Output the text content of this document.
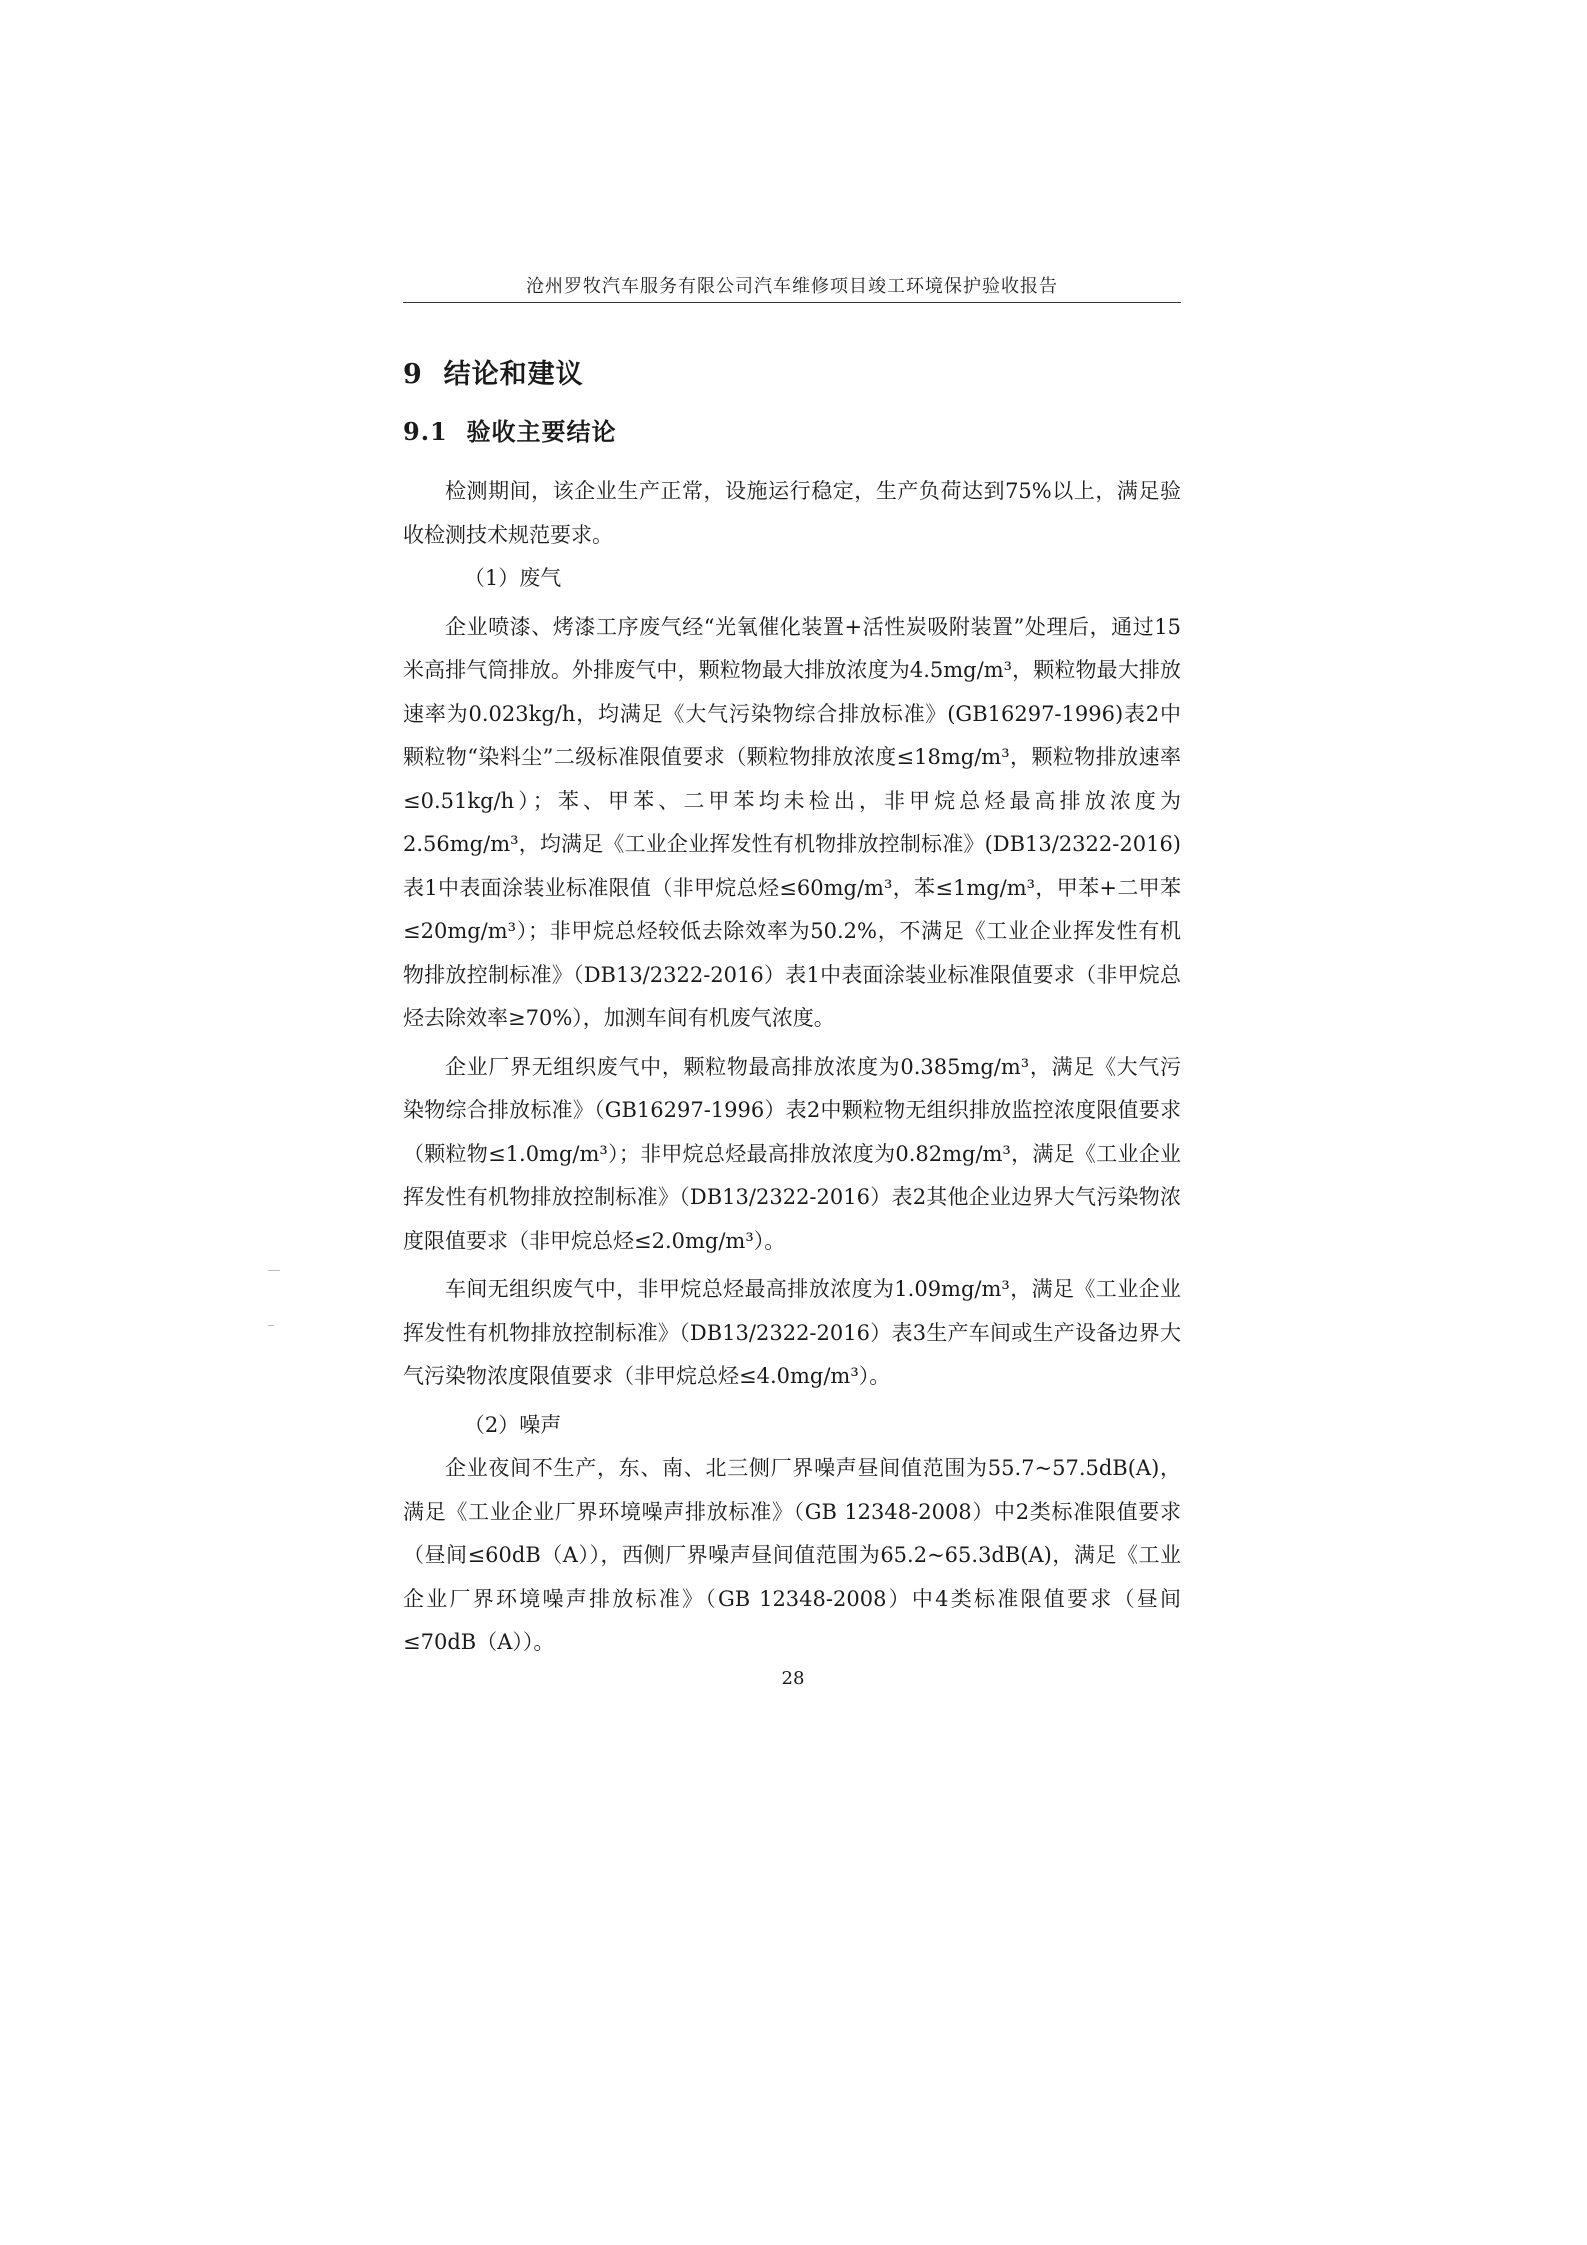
沧州罗牧汽车服务有限公司汽车维修项目竣工环境保护验收报告
9 结论和建议
9.1 验收主要结论

检测期间，该企业生产正常，设施运行稳定，生产负荷达到75%以上，满足验收检测技术规范要求。

（1）废气

企业喷漆、烤漆工序废气经“光氧催化装置+活性炭吸附装置”处理后，通过15米高排气筒排放。外排废气中，颗粒物最大排放浓度为4.5mg/m³，颗粒物最大排放速率为0.023kg/h，均满足《大气污染物综合排放标准》(GB16297-1996)表2中颗粒物“染料尘”二级标准限值要求（颗粒物排放浓度≤18mg/m³，颗粒物排放速率≤0.51kg/h）；苯、甲苯、二甲苯均未检出，非甲烷总烃最高排放浓度为2.56mg/m³，均满足《工业企业挥发性有机物排放控制标准》(DB13/2322-2016)表1中表面涂装业标准限值（非甲烷总烃≤60mg/m³，苯≤1mg/m³，甲苯+二甲苯≤20mg/m³）；非甲烷总烃较低去除效率为50.2%，不满足《工业企业挥发性有机物排放控制标准》（DB13/2322-2016）表1中表面涂装业标准限值要求（非甲烷总烃去除效率≥70%），加测车间有机废气浓度。

企业厂界无组织废气中，颗粒物最高排放浓度为0.385mg/m³，满足《大气污染物综合排放标准》（GB16297-1996）表2中颗粒物无组织排放监控浓度限值要求（颗粒物≤1.0mg/m³）；非甲烷总烃最高排放浓度为0.82mg/m³，满足《工业企业挥发性有机物排放控制标准》（DB13/2322-2016）表2其他企业边界大气污染物浓度限值要求（非甲烷总烃≤2.0mg/m³）。

车间无组织废气中，非甲烷总烃最高排放浓度为1.09mg/m³，满足《工业企业挥发性有机物排放控制标准》（DB13/2322-2016）表3生产车间或生产设备边界大气污染物浓度限值要求（非甲烷总烃≤4.0mg/m³）。

（2）噪声

企业夜间不生产，东、南、北三侧厂界噪声昼间值范围为55.7~57.5dB(A)，满足《工业企业厂界环境噪声排放标准》（GB 12348-2008）中2类标准限值要求（昼间≤60dB（A）），西侧厂界噪声昼间值范围为65.2~65.3dB(A)，满足《工业企业厂界环境噪声排放标准》（GB 12348-2008）中4类标准限值要求（昼间≤70dB（A））。

28
